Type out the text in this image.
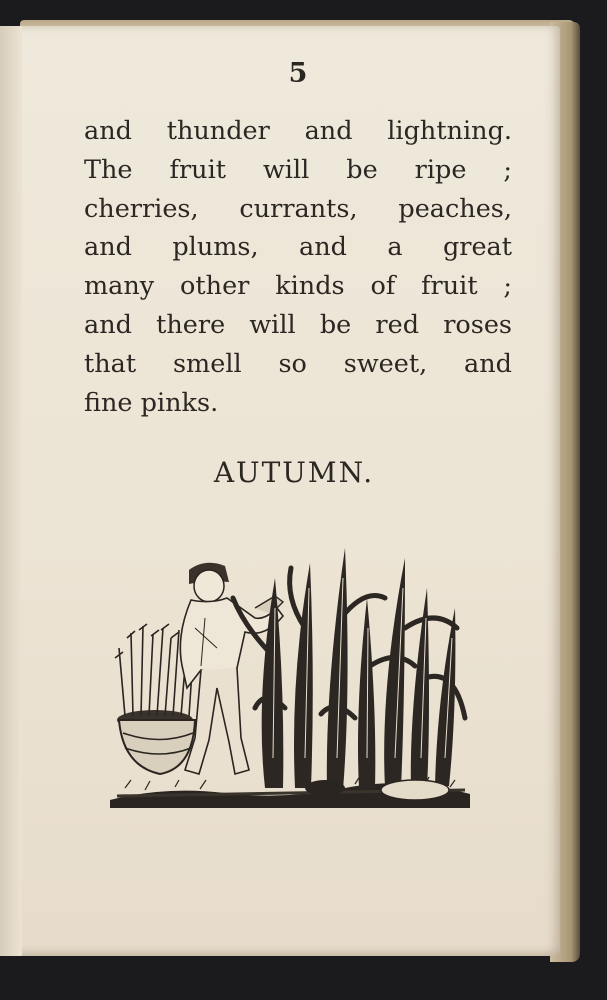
5
and thunder and lightning.
The fruit will be ripe ;
cherries, currants, peaches,
and plums, and a great
many other kinds of fruit ;
and there will be red roses
that smell so sweet, and
fine pinks.
AUTUMN.
